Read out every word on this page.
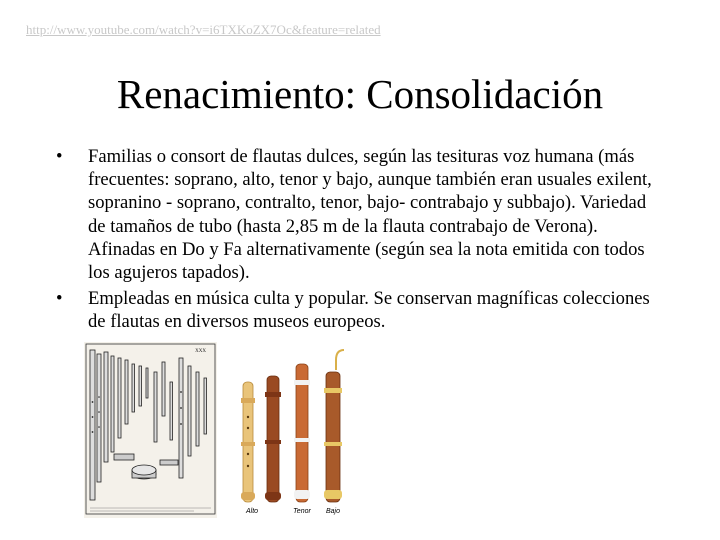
http://www.youtube.com/watch?v=i6TXKoZX7Oc&feature=related
Renacimiento: Consolidación
• Familias o consort de flautas dulces, según las tesituras voz humana (más frecuentes: soprano, alto, tenor y bajo, aunque también eran usuales exilent, sopranino - soprano, contralto, tenor, bajo- contrabajo y subbajo). Variedad de tamaños de tubo (hasta 2,85 m de la flauta contrabajo de Verona). Afinadas en Do y Fa alternativamente (según sea la nota emitida con todos los agujeros tapados).
• Empleadas en música culta y popular. Se conservan magníficas colecciones de flautas en diversos museos europeos.
XXX
Alto	Tenor Bajo
